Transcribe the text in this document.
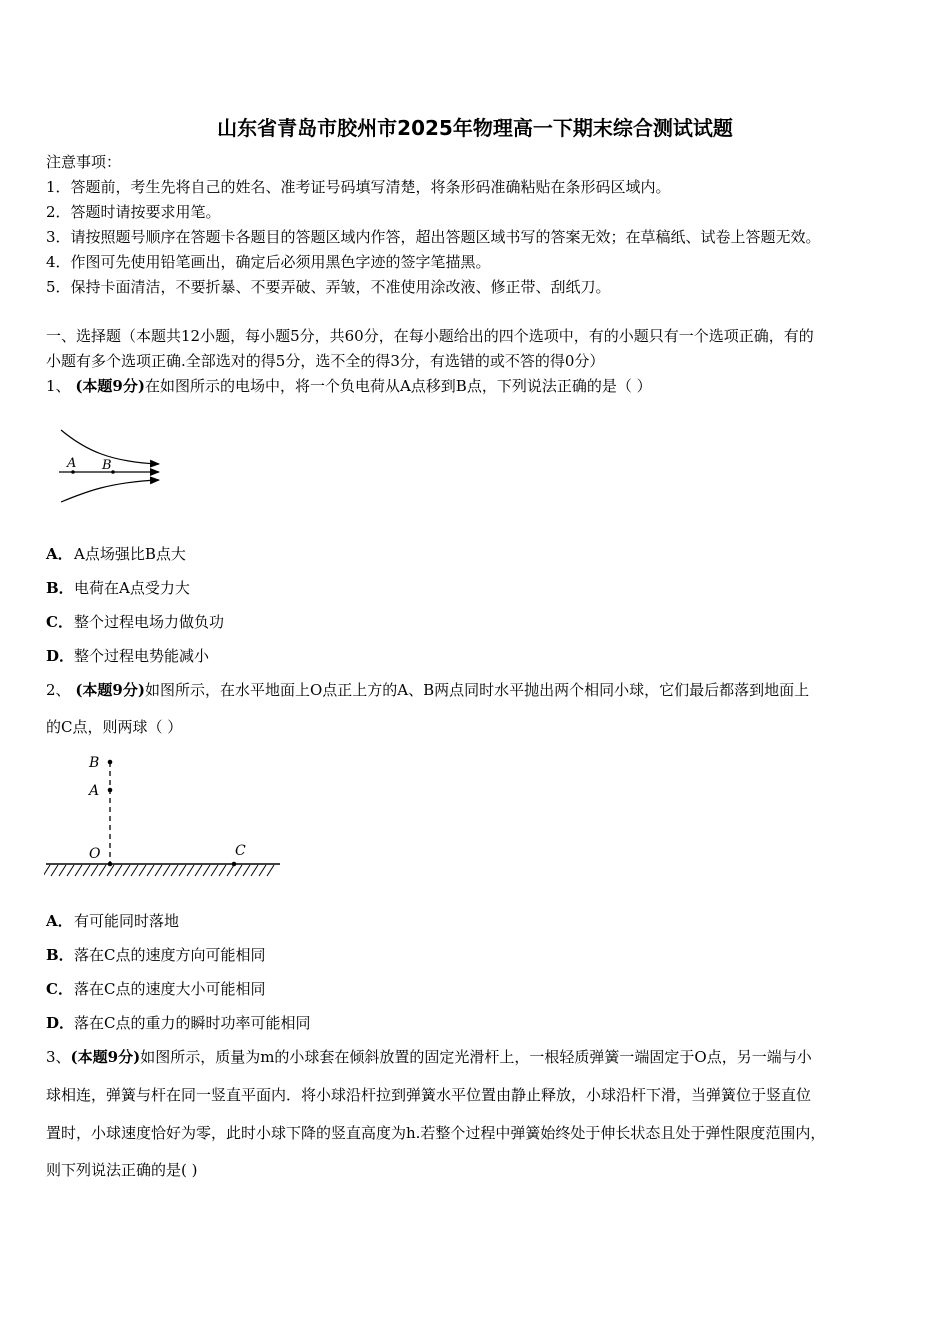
山东省青岛市胶州市2025年物理高一下期末综合测试试题
注意事项：
1．答题前，考生先将自己的姓名、准考证号码填写清楚，将条形码准确粘贴在条形码区域内。
2．答题时请按要求用笔。
3．请按照题号顺序在答题卡各题目的答题区域内作答，超出答题区域书写的答案无效；在草稿纸、试卷上答题无效。
4．作图可先使用铅笔画出，确定后必须用黑色字迹的签字笔描黑。
5．保持卡面清洁，不要折暴、不要弄破、弄皱，不准使用涂改液、修正带、刮纸刀。
一、选择题（本题共12小题，每小题5分，共60分，在每小题给出的四个选项中，有的小题只有一个选项正确，有的
小题有多个选项正确.全部选对的得5分，选不全的得3分，有选错的或不答的得0分）
1、 (本题9分)在如图所示的电场中，将一个负电荷从A点移到B点，下列说法正确的是（ ）
A B
A．A点场强比B点大
B．电荷在A点受力大
C．整个过程电场力做负功
D．整个过程电势能减小
2、 (本题9分)如图所示，在水平地面上O点正上方的A、B两点同时水平抛出两个相同小球，它们最后都落到地面上
的C点，则两球（ ）
B
A
O	C
A．有可能同时落地
B．落在C点的速度方向可能相同
C．落在C点的速度大小可能相同
D．落在C点的重力的瞬时功率可能相同
3、(本题9分)如图所示，质量为m的小球套在倾斜放置的固定光滑杆上，一根轻质弹簧一端固定于O点，另一端与小
球相连，弹簧与杆在同一竖直平面内．将小球沿杆拉到弹簧水平位置由静止释放，小球沿杆下滑，当弹簧位于竖直位
置时，小球速度恰好为零，此时小球下降的竖直高度为h.若整个过程中弹簧始终处于伸长状态且处于弹性限度范围内，
则下列说法正确的是( )
